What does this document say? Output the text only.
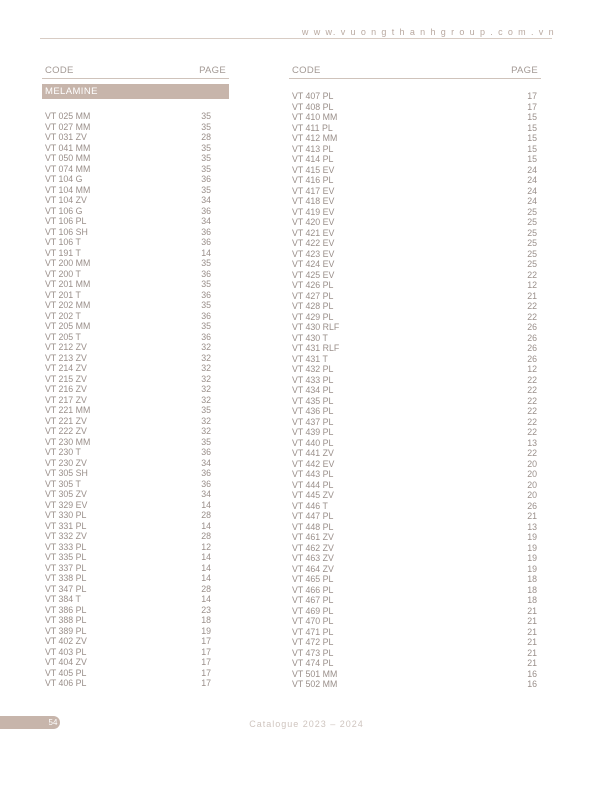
w w w. v u o n g t h a n h g r o u p . c o m . v n
CODE	PAGE
MELAMINE
VT 025 MM	35
VT 027 MM	35
VT 031 ZV	28
VT 041 MM	35
VT 050 MM	35
VT 074 MM	35
VT 104 G	36
VT 104 MM	35
VT 104 ZV	34
VT 106 G	36
VT 106 PL	34
VT 106 SH	36
VT 106 T	36
VT 191 T	14
VT 200 MM	35
VT 200 T	36
VT 201 MM	35
VT 201 T	36
VT 202 MM	35
VT 202 T	36
VT 205 MM	35
VT 205 T	36
VT 212 ZV	32
VT 213 ZV	32
VT 214 ZV	32
VT 215 ZV	32
VT 216 ZV	32
VT 217 ZV	32
VT 221 MM	35
VT 221 ZV	32
VT 222 ZV	32
VT 230 MM	35
VT 230 T	36
VT 230 ZV	34
VT 305 SH	36
VT 305 T	36
VT 305 ZV	34
VT 329 EV	14
VT 330 PL	28
VT 331 PL	14
VT 332 ZV	28
VT 333 PL	12
VT 335 PL	14
VT 337 PL	14
VT 338 PL	14
VT 347 PL	28
VT 384 T	14
VT 386 PL	23
VT 388 PL	18
VT 389 PL	19
VT 402 ZV	17
VT 403 PL	17
VT 404 ZV	17
VT 405 PL	17
VT 406 PL	17
CODE	PAGE
VT 407 PL	17
VT 408 PL	17
VT 410 MM	15
VT 411 PL	15
VT 412 MM	15
VT 413 PL	15
VT 414 PL	15
VT 415 EV	24
VT 416 PL	24
VT 417 EV	24
VT 418 EV	24
VT 419 EV	25
VT 420 EV	25
VT 421 EV	25
VT 422 EV	25
VT 423 EV	25
VT 424 EV	25
VT 425 EV	22
VT 426 PL	12
VT 427 PL	21
VT 428 PL	22
VT 429 PL	22
VT 430 RLF	26
VT 430 T	26
VT 431 RLF	26
VT 431 T	26
VT 432 PL	12
VT 433 PL	22
VT 434 PL	22
VT 435 PL	22
VT 436 PL	22
VT 437 PL	22
VT 439 PL	22
VT 440 PL	13
VT 441 ZV	22
VT 442 EV	20
VT 443 PL	20
VT 444 PL	20
VT 445 ZV	20
VT 446 T	26
VT 447 PL	21
VT 448 PL	13
VT 461 ZV	19
VT 462 ZV	19
VT 463 ZV	19
VT 464 ZV	19
VT 465 PL	18
VT 466 PL	18
VT 467 PL	18
VT 469 PL	21
VT 470 PL	21
VT 471 PL	21
VT 472 PL	21
VT 473 PL	21
VT 474 PL	21
VT 501 MM	16
VT 502 MM	16
54	Catalogue 2023 – 2024
